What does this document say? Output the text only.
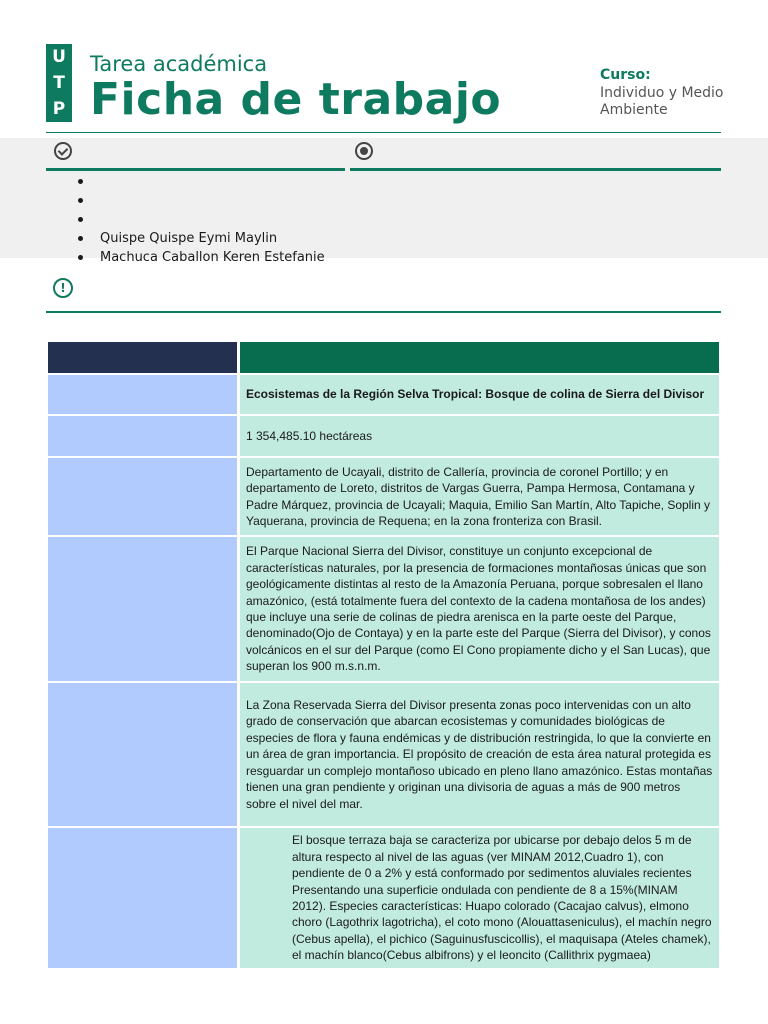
U
T
P
Tarea académica
Ficha de trabajo	Curso:
Individuo y Medio Ambiente
Quispe Quispe Eymi Maylin
Machuca Caballon Keren Estefanie
!
Ecosistemas de la Región Selva Tropical: Bosque de colina de Sierra del Divisor
1 354,485.10 hectáreas
Departamento de Ucayali, distrito de Callería, provincia de coronel Portillo; y en departamento de Loreto, distritos de Vargas Guerra, Pampa Hermosa, Contamana y Padre Márquez, provincia de Ucayali; Maquia, Emilio San Martín, Alto Tapiche, Soplin y Yaquerana, provincia de Requena; en la zona fronteriza con Brasil.
El Parque Nacional Sierra del Divisor, constituye un conjunto excepcional de características naturales, por la presencia de formaciones montañosas únicas que son geológicamente distintas al resto de la Amazonía Peruana, porque sobresalen el llano amazónico, (está totalmente fuera del contexto de la cadena montañosa de los andes) que incluye una serie de colinas de piedra arenisca en la parte oeste del Parque, denominado(Ojo de Contaya) y en la parte este del Parque (Sierra del Divisor), y conos volcánicos en el sur del Parque (como El Cono propiamente dicho y el San Lucas), que superan los 900 m.s.n.m.
La Zona Reservada Sierra del Divisor presenta zonas poco intervenidas con un alto grado de conservación que abarcan ecosistemas y comunidades biológicas de especies de flora y fauna endémicas y de distribución restringida, lo que la convierte en un área de gran importancia. El propósito de creación de esta área natural protegida es resguardar un complejo montañoso ubicado en pleno llano amazónico. Estas montañas tienen una gran pendiente y originan una divisoria de aguas a más de 900 metros sobre el nivel del mar.
El bosque terraza baja se caracteriza por ubicarse por debajo delos 5 m de altura respecto al nivel de las aguas (ver MINAM 2012,Cuadro 1), con pendiente de 0 a 2% y está conformado por sedimentos aluviales recientes Presentando una superficie ondulada con pendiente de 8 a 15%(MINAM 2012). Especies características: Huapo colorado (Cacajao calvus), elmono choro (Lagothrix lagotricha), el coto mono (Alouattaseniculus), el machín negro (Cebus apella), el pichico (Saguinusfuscicollis), el maquisapa (Ateles chamek), el machín blanco(Cebus albifrons) y el leoncito (Callithrix pygmaea)
